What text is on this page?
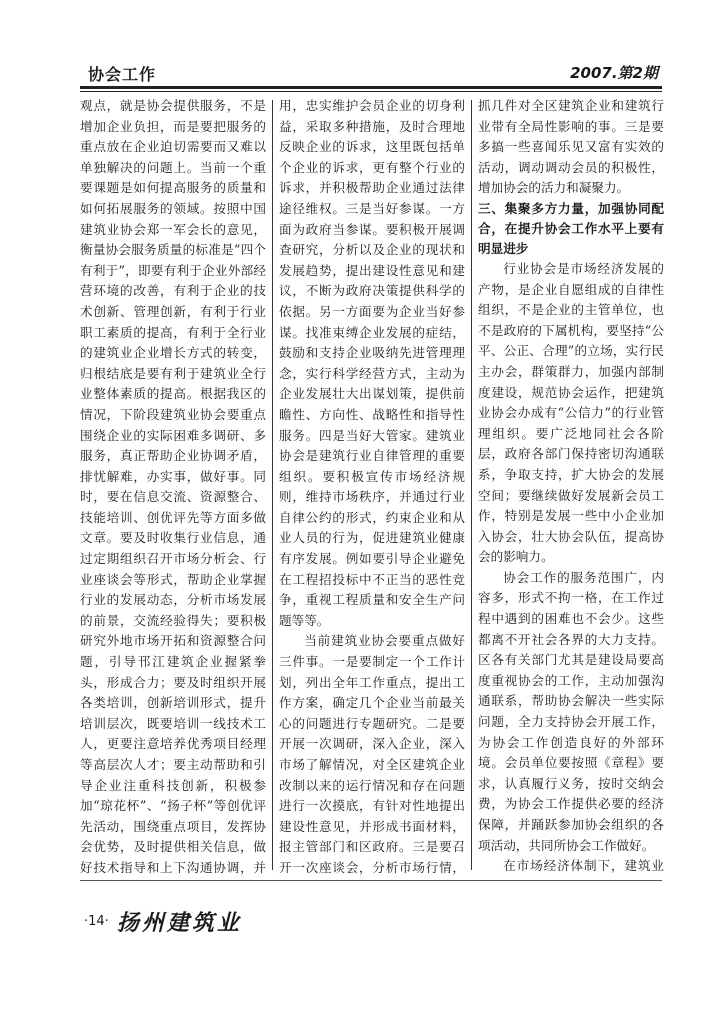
协会工作	2007.第2期

观点，就是协会提供服务，不是增加企业负担，而是要把服务的重点放在企业迫切需要而又难以单独解决的问题上。当前一个重要课题是如何提高服务的质量和如何拓展服务的领域。按照中国建筑业协会郑一军会长的意见，衡量协会服务质量的标准是“四个有利于”，即要有利于企业外部经营环境的改善，有利于企业的技术创新、管理创新，有利于行业职工素质的提高，有利于全行业的建筑业企业增长方式的转变，归根结底是要有利于建筑业全行业整体素质的提高。根据我区的情况，下阶段建筑业协会要重点围绕企业的实际困难多调研、多服务，真正帮助企业协调矛盾，排忧解难，办实事，做好事。同时，要在信息交流、资源整合、技能培训、创优评先等方面多做文章。要及时收集行业信息，通过定期组织召开市场分析会、行业座谈会等形式，帮助企业掌握行业的发展动态，分析市场发展的前景，交流经验得失；要积极研究外地市场开拓和资源整合问题，引导邗江建筑企业握紧拳头，形成合力；要及时组织开展各类培训，创新培训形式，提升培训层次，既要培训一线技术工人，更要注意培养优秀项目经理等高层次人才；要主动帮助和引导企业注重科技创新，积极参加“琼花杯”、“扬子杯”等创优评先活动，围绕重点项目，发挥协会优势，及时提供相关信息，做好技术指导和上下沟通协调，并

用，忠实维护会员企业的切身利益，采取多种措施，及时合理地反映企业的诉求，这里既包括单个企业的诉求，更有整个行业的诉求，并积极帮助企业通过法律途径维权。三是当好参谋。一方面为政府当参谋。要积极开展调查研究，分析以及企业的现状和发展趋势，提出建设性意见和建议，不断为政府决策提供科学的依据。另一方面要为企业当好参谋。找准束缚企业发展的症结，鼓励和支持企业吸纳先进管理理念，实行科学经营方式，主动为企业发展壮大出谋划策，提供前瞻性、方向性、战略性和指导性服务。四是当好大管家。建筑业协会是建筑行业自律管理的重要组织。要积极宣传市场经济规则，维持市场秩序，并通过行业自律公约的形式，约束企业和从业人员的行为，促进建筑业健康有序发展。例如要引导企业避免在工程招投标中不正当的恶性竞争，重视工程质量和安全生产问题等等。

当前建筑业协会要重点做好三件事。一是要制定一个工作计划，列出全年工作重点，提出工作方案，确定几个企业当前最关心的问题进行专题研究。二是要开展一次调研，深入企业，深入市场了解情况，对全区建筑企业改制以来的运行情况和存在问题进行一次摸底，有针对性地提出建设性意见，并形成书面材料，报主管部门和区政府。三是要召开一次座谈会，分析市场行情，

抓几件对全区建筑企业和建筑行业带有全局性影响的事。三是要多搞一些喜闻乐见又富有实效的活动，调动调动会员的积极性，增加协会的活力和凝聚力。

三、集聚多方力量，加强协同配合，在提升协会工作水平上要有明显进步

行业协会是市场经济发展的产物，是企业自愿组成的自律性组织，不是企业的主管单位，也不是政府的下属机构，要坚持“公平、公正、合理”的立场，实行民主办会，群策群力，加强内部制度建设，规范协会运作，把建筑业协会办成有“公信力”的行业管理组织。要广泛地同社会各阶层，政府各部门保持密切沟通联系，争取支持，扩大协会的发展空间；要继续做好发展新会员工作，特别是发展一些中小企业加入协会，壮大协会队伍，提高协会的影响力。

协会工作的服务范围广，内容多，形式不拘一格，在工作过程中遇到的困难也不会少。这些都离不开社会各界的大力支持。区各有关部门尤其是建设局要高度重视协会的工作，主动加强沟通联系，帮助协会解决一些实际问题，全力支持协会开展工作，为协会工作创造良好的外部环境。会员单位要按照《章程》要求，认真履行义务，按时交纳会费，为协会工作提供必要的经济保障，并踊跃参加协会组织的各项活动，共同所协会工作做好。

在市场经济体制下，建筑业

·14· 扬州建筑业
